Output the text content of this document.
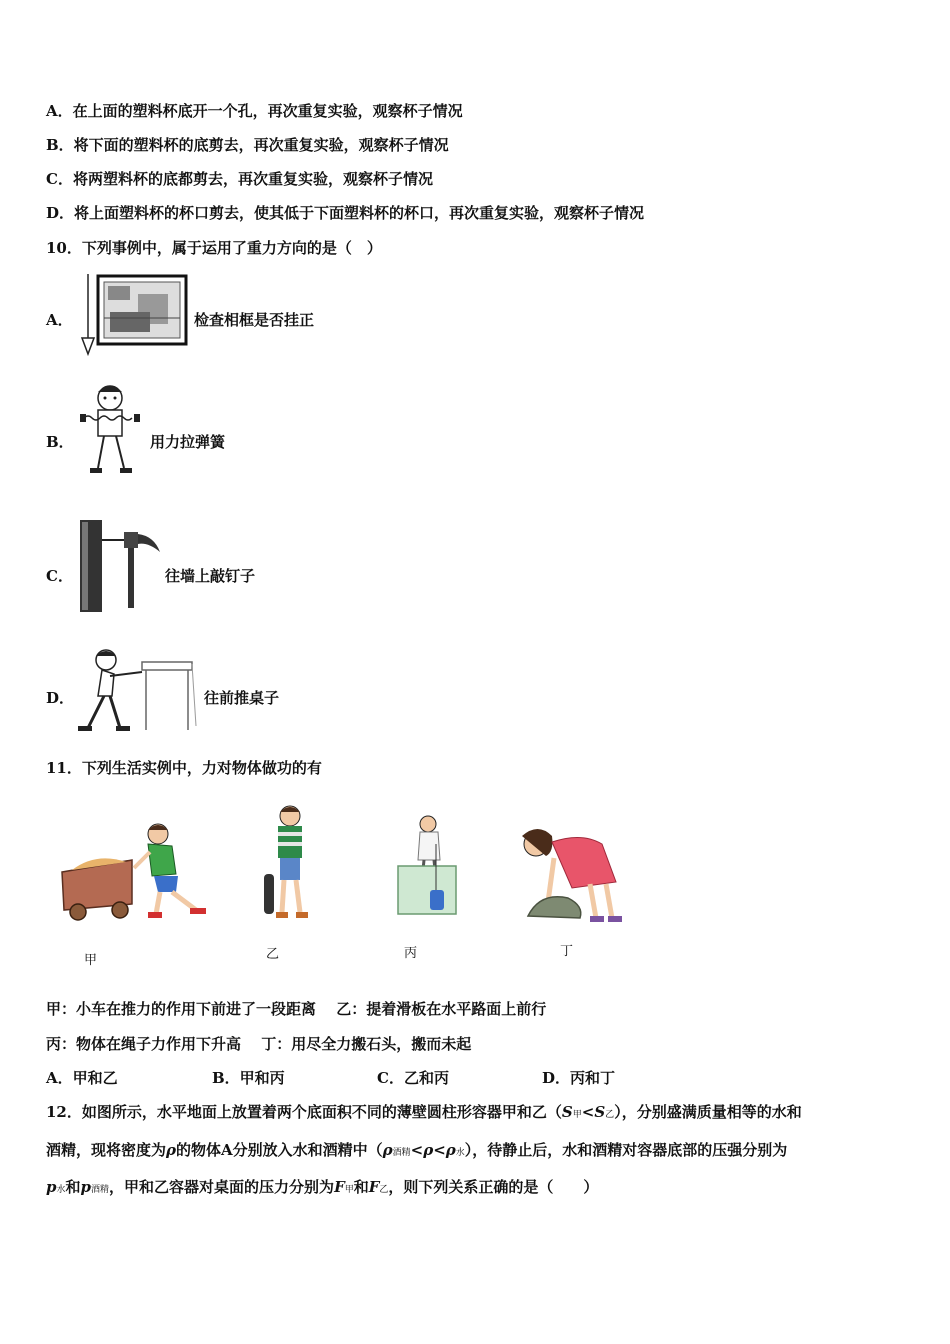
A．在上面的塑料杯底开一个孔，再次重复实验，观察杯子情况
B．将下面的塑料杯的底剪去，再次重复实验，观察杯子情况
C．将两塑料杯的底都剪去，再次重复实验，观察杯子情况
D．将上面塑料杯的杯口剪去，使其低于下面塑料杯的杯口，再次重复实验，观察杯子情况
10．下列事例中，属于运用了重力方向的是（　）
A．	检查相框是否挂正
B．	用力拉弹簧
C．	往墙上敲钉子
D．	往前推桌子
11．下列生活实例中，力对物体做功的有
甲	乙	丙	丁
甲：小车在推力的作用下前进了一段距离　 乙：提着滑板在水平路面上前行
丙：物体在绳子力作用下升高　 丁：用尽全力搬石头，搬而未起
A．甲和乙	B．甲和丙	C．乙和丙	D．丙和丁
12．如图所示，水平地面上放置着两个底面积不同的薄壁圆柱形容器甲和乙（S甲<S乙），分别盛满质量相等的水和
酒精，现将密度为ρ的物体A分别放入水和酒精中（ρ酒精<ρ<ρ水），待静止后，水和酒精对容器底部的压强分别为
p水和p酒精，甲和乙容器对桌面的压力分别为F甲和F乙，则下列关系正确的是（　　）
